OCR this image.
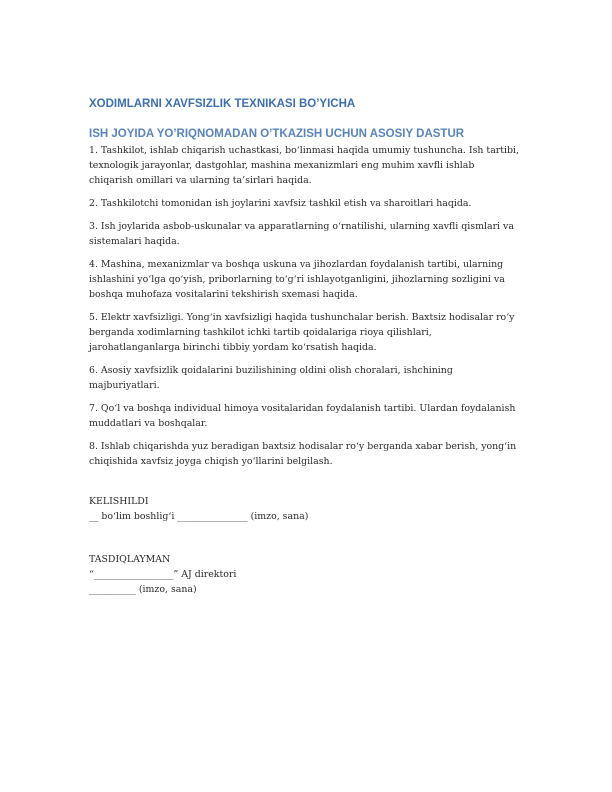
XODIMLARNI XAVFSIZLIK TEXNIKASI BO’YICHA
ISH JOYIDA YO’RIQNOMADAN O’TKAZISH UCHUN ASOSIY DASTUR

1. Tashkilot, ishlab chiqarish uchastkasi, bo‘linmasi haqida umumiy tushuncha. Ish tartibi, texnologik jarayonlar, dastgohlar, mashina mexanizmlari eng muhim xavfli ishlab chiqarish omillari va ularning ta’sirlari haqida.

2. Tashkilotchi tomonidan ish joylarini xavfsiz tashkil etish va sharoitlari haqida.

3. Ish joylarida asbob-uskunalar va apparatlarning o‘rnatilishi, ularning xavfli qismlari va sistemalari haqida.

4. Mashina, mexanizmlar va boshqa uskuna va jihozlardan foydalanish tartibi, ularning ishlashini yo‘lga qo‘yish, priborlarning to‘g‘ri ishlayotganligini, jihozlarning sozligini va boshqa muhofaza vositalarini tekshirish sxemasi haqida.

5. Elektr xavfsizligi. Yong‘in xavfsizligi haqida tushunchalar berish. Baxtsiz hodisalar ro‘y berganda xodimlarning tashkilot ichki tartib qoidalariga rioya qilishlari, jarohatlanganlarga birinchi tibbiy yordam ko‘rsatish haqida.

6. Asosiy xavfsizlik qoidalarini buzilishining oldini olish choralari, ishchining majburiyatlari.

7. Qo‘l va boshqa individual himoya vositalaridan foydalanish tartibi. Ulardan foydalanish muddatlari va boshqalar.

8. Ishlab chiqarishda yuz beradigan baxtsiz hodisalar ro‘y berganda xabar berish, yong‘in chiqishida xavfsiz joyga chiqish yo‘llarini belgilash.

KELISHILDI
__ bo‘lim boshlig‘i _______________ (imzo, sana)
TASDIQLAYMAN
“_________________” AJ direktori
__________ (imzo, sana)
